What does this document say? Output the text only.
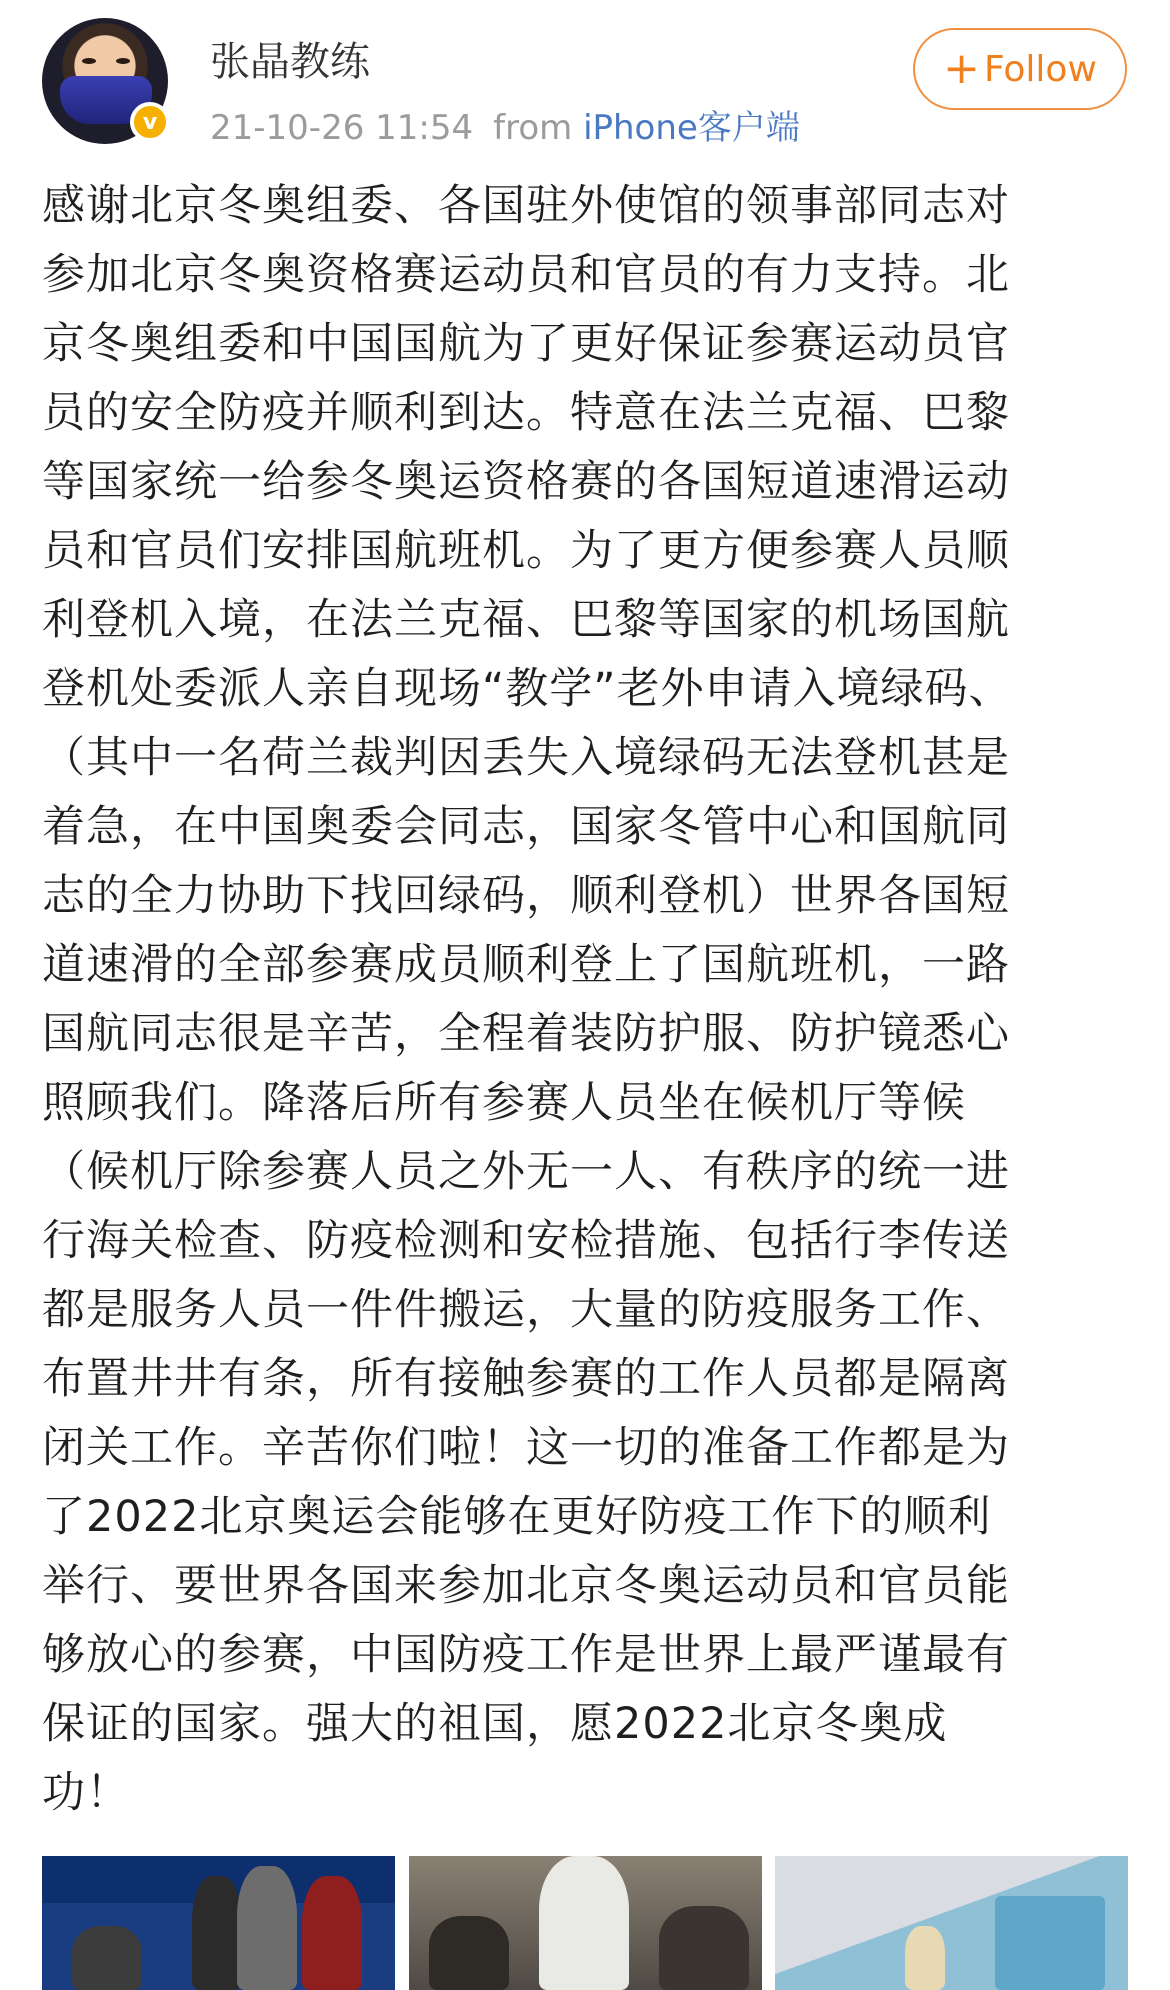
v
张晶教练
21-10-26 11:54 from iPhone客户端
+ Follow

感谢北京冬奥组委、各国驻外使馆的领事部同志对

参加北京冬奥资格赛运动员和官员的有力支持。北

京冬奥组委和中国国航为了更好保证参赛运动员官

员的安全防疫并顺利到达。特意在法兰克福、巴黎

等国家统一给参冬奥运资格赛的各国短道速滑运动

员和官员们安排国航班机。为了更方便参赛人员顺

利登机入境，在法兰克福、巴黎等国家的机场国航

登机处委派人亲自现场“教学”老外申请入境绿码、

（其中一名荷兰裁判因丢失入境绿码无法登机甚是

着急，在中国奥委会同志，国家冬管中心和国航同

志的全力协助下找回绿码，顺利登机）世界各国短

道速滑的全部参赛成员顺利登上了国航班机，一路

国航同志很是辛苦，全程着装防护服、防护镜悉心

照顾我们。降落后所有参赛人员坐在候机厅等候

（候机厅除参赛人员之外无一人、有秩序的统一进

行海关检查、防疫检测和安检措施、包括行李传送

都是服务人员一件件搬运，大量的防疫服务工作、

布置井井有条，所有接触参赛的工作人员都是隔离

闭关工作。辛苦你们啦！这一切的准备工作都是为

了2022北京奥运会能够在更好防疫工作下的顺利

举行、要世界各国来参加北京冬奥运动员和官员能

够放心的参赛，中国防疫工作是世界上最严谨最有

保证的国家。强大的祖国，愿2022北京冬奥成

功！
